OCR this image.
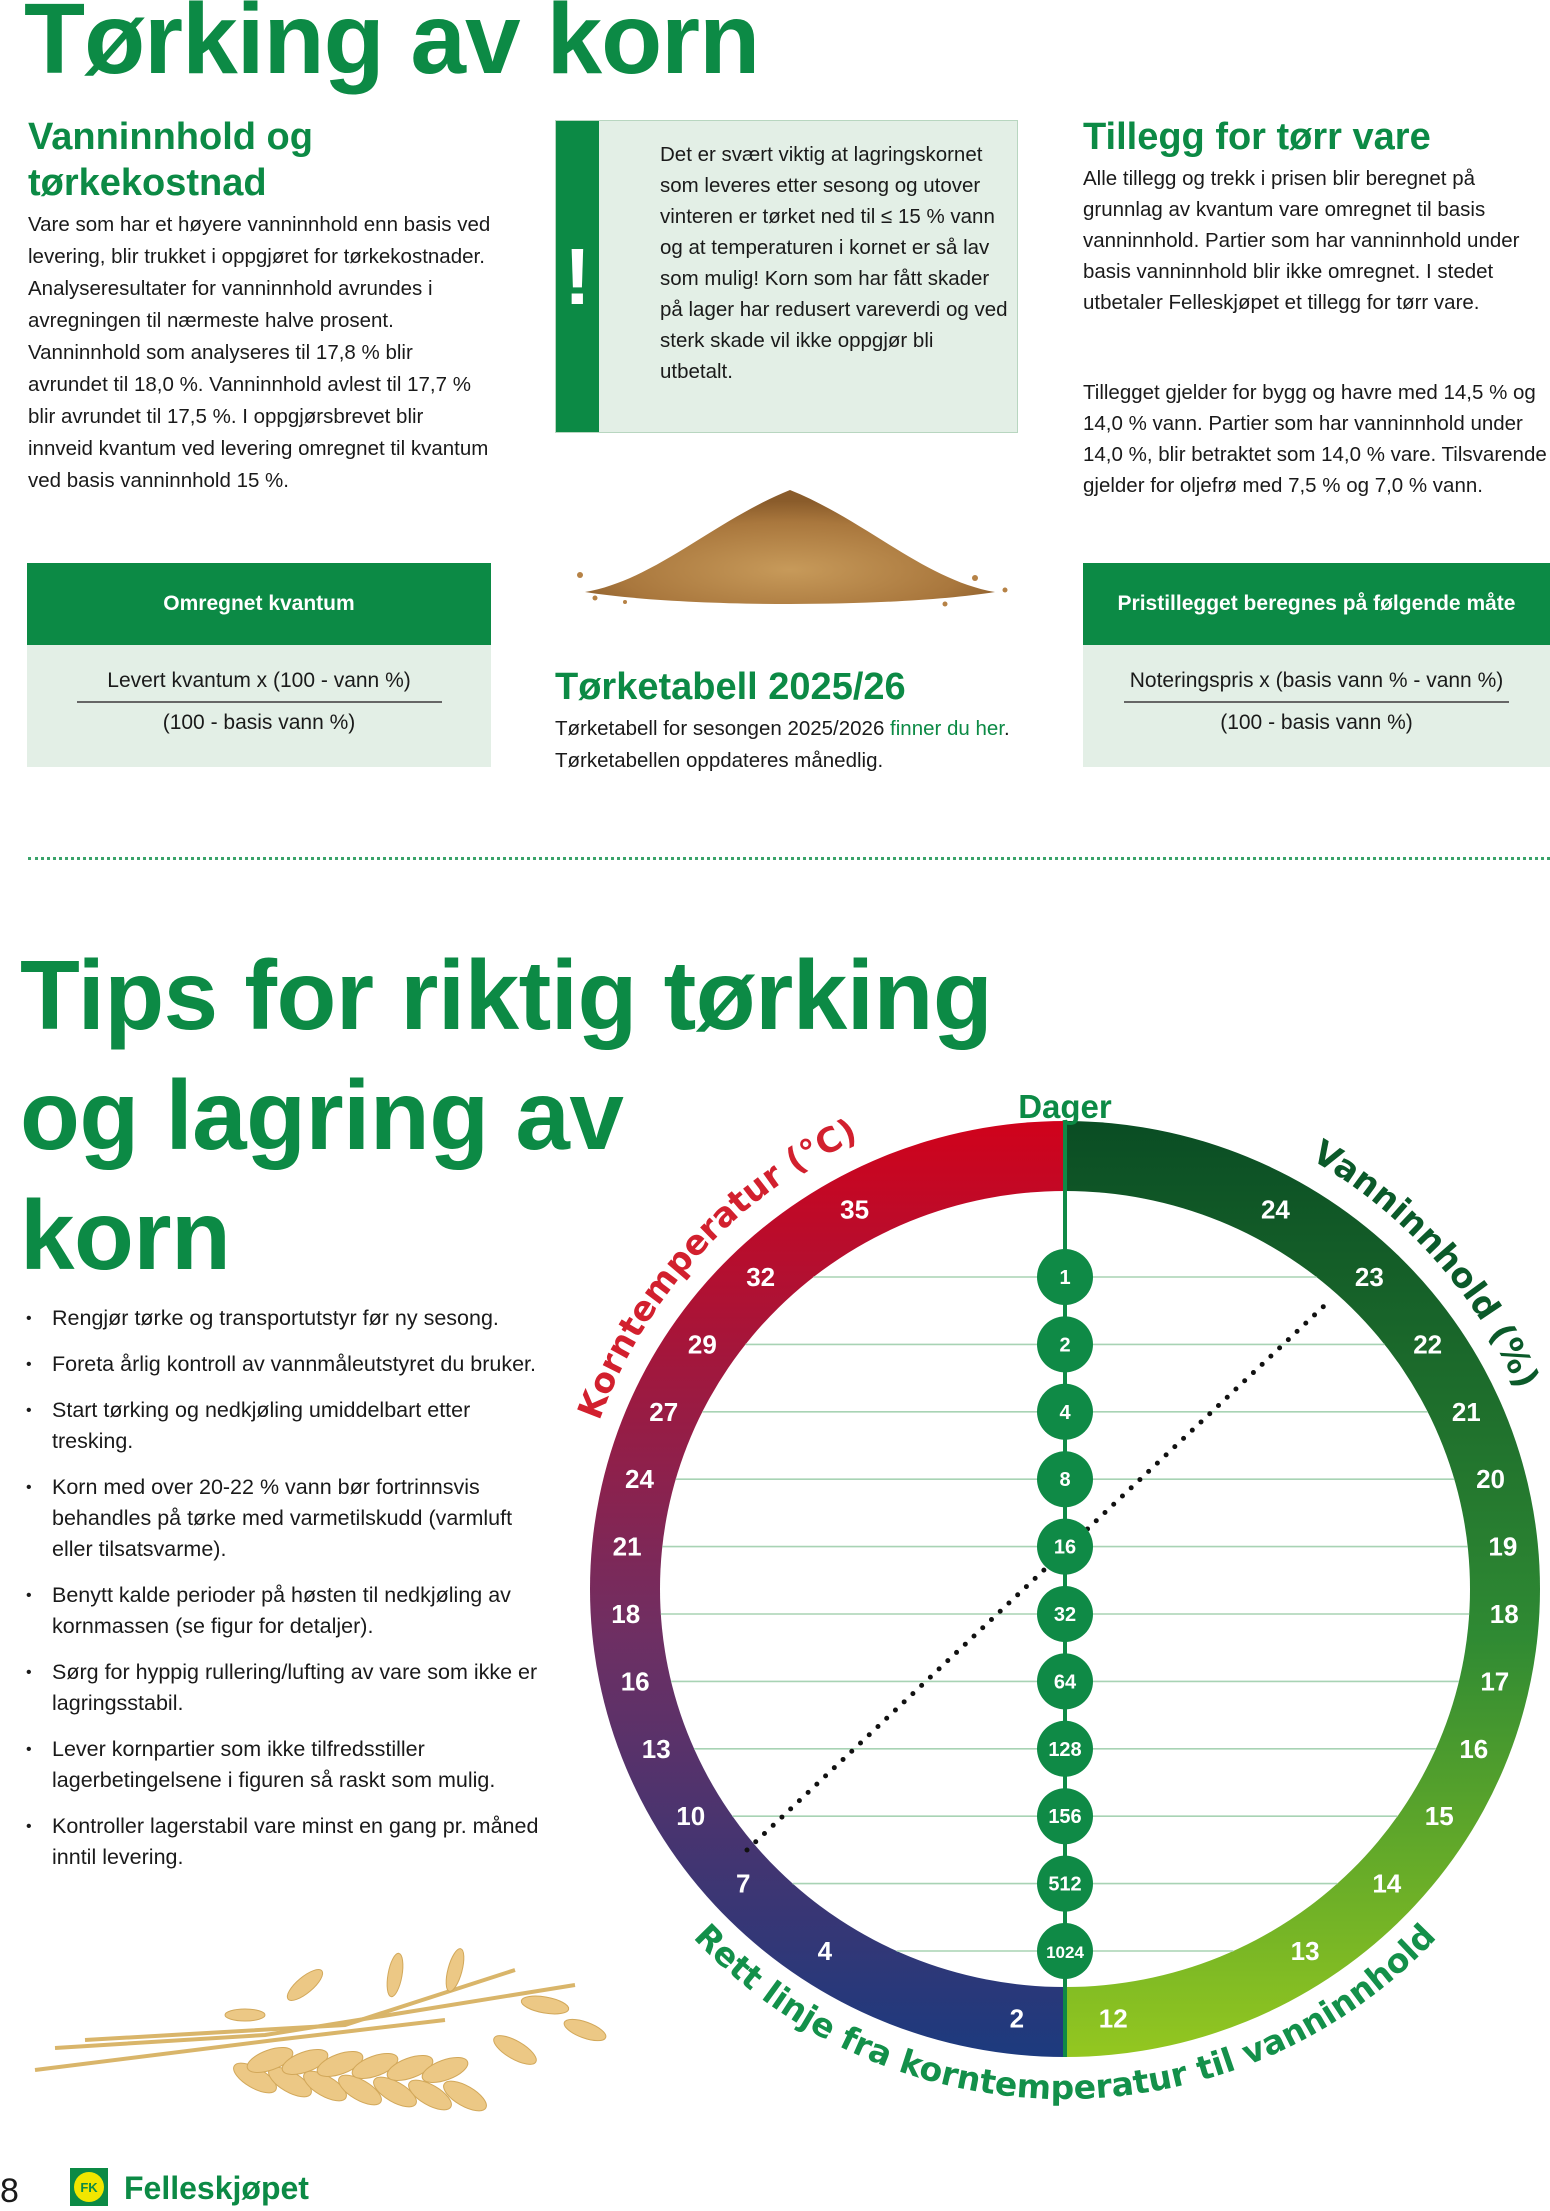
Tørking av korn
Vanninnhold og tørkekostnad
Vare som har et høyere vanninnhold enn basis ved levering, blir trukket i oppgjøret for tørkekostnader. Analyseresultater for vanninnhold avrundes i avregningen til nærmeste halve prosent. Vanninnhold som analyseres til 17,8 % blir avrundet til 18,0 %. Vanninnhold avlest til 17,7 % blir avrundet til 17,5 %. I oppgjørsbrevet blir innveid kvantum ved levering omregnet til kvantum ved basis vanninnhold 15 %.
Omregnet kvantum
Levert kvantum x (100 - vann %)
(100 - basis vann %)
!
Det er svært viktig at lagringskornet som leveres etter sesong og utover vinteren er tørket ned til ≤ 15 % vann og at temperaturen i kornet er så lav som mulig! Korn som har fått skader på lager har redusert vareverdi og ved sterk skade vil ikke oppgjør bli utbetalt.
Tørketabell 2025/26
Tørketabell for sesongen 2025/2026 finner du her. Tørketabellen oppdateres månedlig.
Tillegg for tørr vare
Alle tillegg og trekk i prisen blir beregnet på grunnlag av kvantum vare omregnet til basis vanninnhold. Partier som har vanninnhold under basis vanninnhold blir ikke omregnet. I stedet utbetaler Felleskjøpet et tillegg for tørr vare.
Tillegget gjelder for bygg og havre med 14,5 % og 14,0 % vann. Partier som har vanninnhold under 14,0 %, blir betraktet som 14,0 % vare. Tilsvarende gjelder for oljefrø med 7,5 % og 7,0 % vann.
Pristillegget beregnes på følgende måte
Noteringspris x (basis vann % - vann %)
(100 - basis vann %)
Tips for riktig tørking
og lagring av
korn
• Rengjør tørke og transportutstyr før ny sesong.
• Foreta årlig kontroll av vannmåleutstyret du bruker.
• Start tørking og nedkjøling umiddelbart etter tresking.
• Korn med over 20-22 % vann bør fortrinnsvis behandles på tørke med varmetilskudd (varmluft eller tilsatsvarme).
• Benytt kalde perioder på høsten til nedkjøling av kornmassen (se figur for detaljer).
• Sørg for hyppig rullering/lufting av vare som ikke er lagringsstabil.
• Lever kornpartier som ikke tilfredsstiller lagerbetingelsene i figuren så raskt som mulig.
• Kontroller lagerstabil vare minst en gang pr. måned inntil levering.
8	FK Felleskjøpet
1
2
4
8
16
32
64
128
156
512
1024
35
32
29
27
24
21
18
16
13
10
7
4
2
24
23
22
21
20
19
18
17
16
15
14
13
12
Dager
Korntemperatur (°C)
Vanninnhold (%)
Rett linje fra korntemperatur til vanninnhold
